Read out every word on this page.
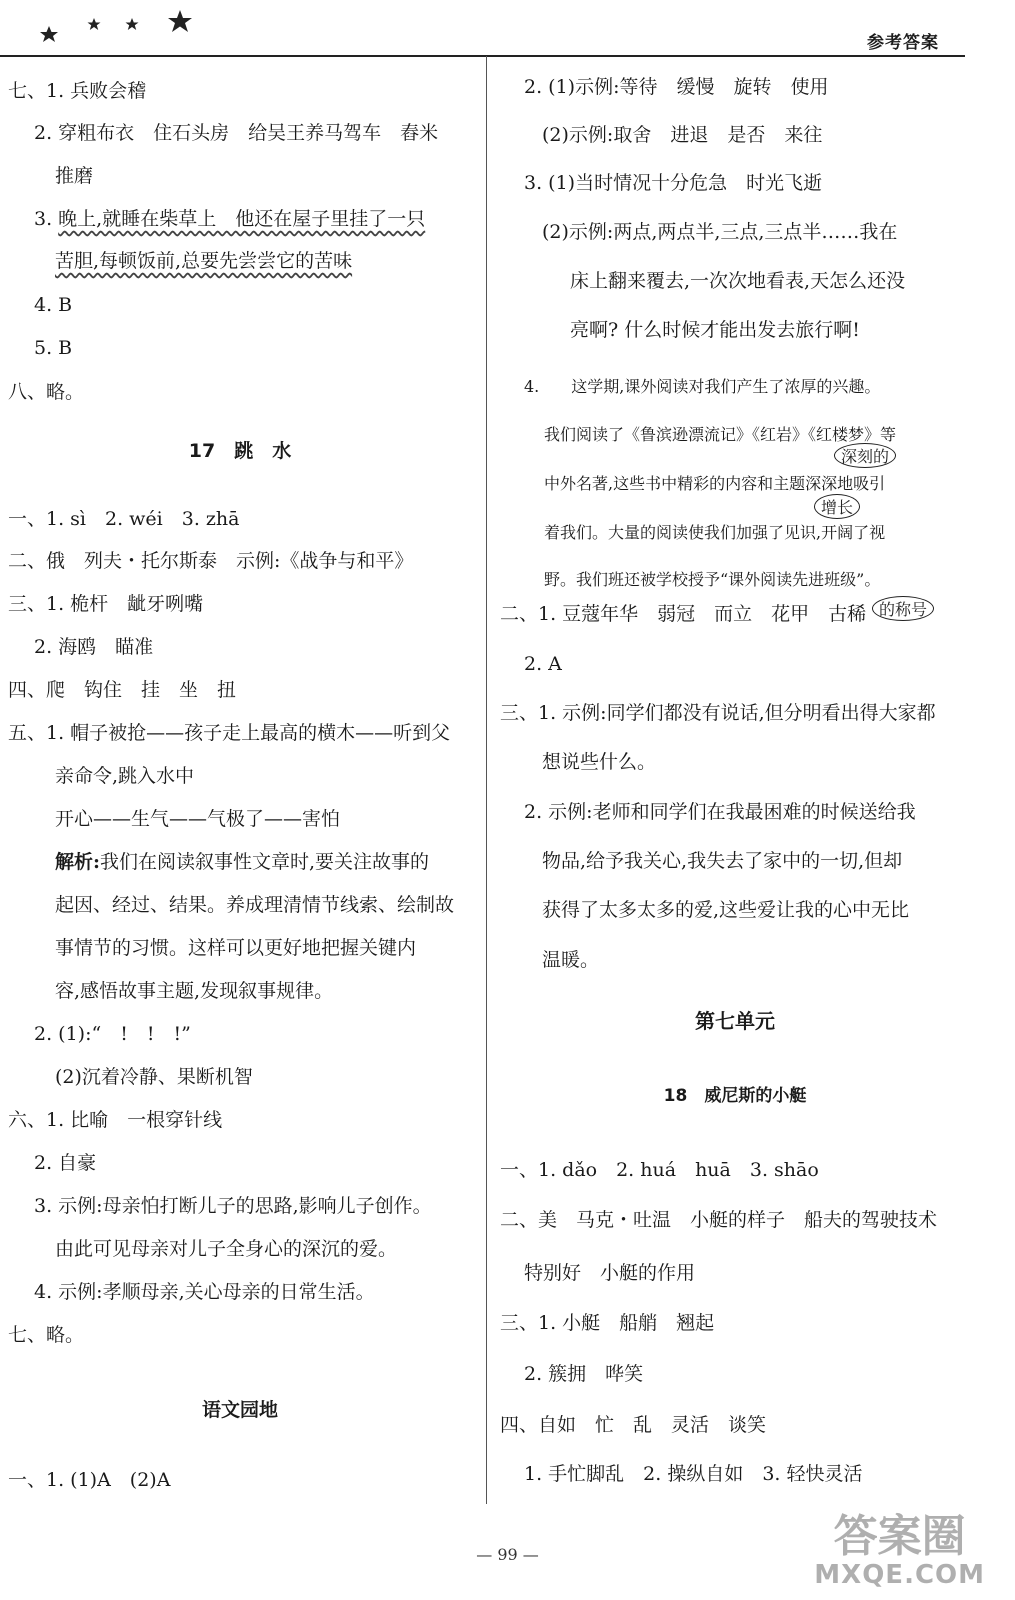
参考答案
七、1. 兵败会稽
2. 穿粗布衣　住石头房　给吴王养马驾车　舂米
推磨
3. 晚上,就睡在柴草上　他还在屋子里挂了一只
苦胆,每顿饭前,总要先尝尝它的苦味
4. B
5. B
八、略。
17　跳　水
一、1. sì　2. wéi　3. zhā
二、俄　列夫・托尔斯泰　示例:《战争与和平》
三、1. 桅杆　龇牙咧嘴
2. 海鸥　瞄准
四、爬　钩住　挂　坐　扭
五、1. 帽子被抢——孩子走上最高的横木——听到父
亲命令,跳入水中
开心——生气——气极了——害怕
解析:我们在阅读叙事性文章时,要关注故事的
起因、经过、结果。养成理清情节线索、绘制故
事情节的习惯。这样可以更好地把握关键内
容,感悟故事主题,发现叙事规律。
2. (1):“　!　!　!”
(2)沉着冷静、果断机智
六、1. 比喻　一根穿针线
2. 自豪
3. 示例:母亲怕打断儿子的思路,影响儿子创作。
由此可见母亲对儿子全身心的深沉的爱。
4. 示例:孝顺母亲,关心母亲的日常生活。
七、略。
语文园地
一、1. (1)A　(2)A
2. (1)示例:等待　缓慢　旋转　使用
(2)示例:取舍　进退　是否　来往
3. (1)当时情况十分危急　时光飞逝
(2)示例:两点,两点半,三点,三点半……我在
床上翻来覆去,一次次地看表,天怎么还没
亮啊? 什么时候才能出发去旅行啊!
4.　　这学期,课外阅读对我们产生了浓厚的兴趣。
我们阅读了《鲁滨逊漂流记》《红岩》《红楼梦》等
中外名著,这些书中精彩的内容和主题深深地吸引
着我们。大量的阅读使我们加强了见识,开阔了视
野。我们班还被学校授予“课外阅读先进班级”。
深刻的
增长
的称号
二、1. 豆蔻年华　弱冠　而立　花甲　古稀
2. A
三、1. 示例:同学们都没有说话,但分明看出得大家都
想说些什么。
2. 示例:老师和同学们在我最困难的时候送给我
物品,给予我关心,我失去了家中的一切,但却
获得了太多太多的爱,这些爱让我的心中无比
温暖。
第七单元
18　威尼斯的小艇
一、1. dǎo　2. huá　huā　3. shāo
二、美　马克・吐温　小艇的样子　船夫的驾驶技术
特别好　小艇的作用
三、1. 小艇　船艄　翘起
2. 簇拥　哗笑
四、自如　忙　乱　灵活　谈笑
1. 手忙脚乱　2. 操纵自如　3. 轻快灵活
— 99 —	答案圈
MXQE.COM
